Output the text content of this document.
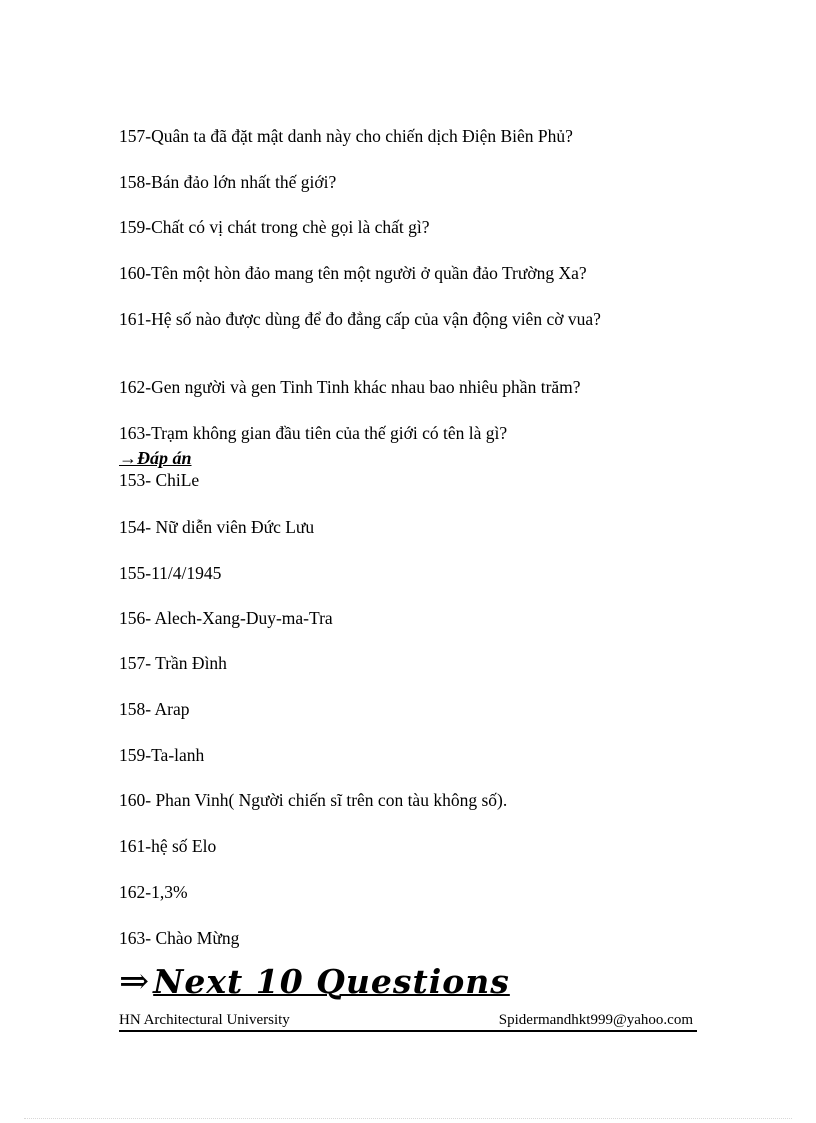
157-Quân ta đã đặt mật danh này cho chiến dịch Điện Biên Phủ?
158-Bán đảo lớn nhất thế giới?
159-Chất có vị chát trong chè gọi là chất gì?
160-Tên một hòn đảo mang tên một người ở quần đảo Trường Xa?
161-Hệ số nào được dùng để đo đẳng cấp của vận động viên cờ vua?
162-Gen người và gen Tinh Tinh khác nhau bao nhiêu phần trăm?
163-Trạm không gian đầu tiên của thế giới có tên là gì?
→Đáp án
153- ChiLe
154- Nữ diễn viên Đức Lưu
155-11/4/1945
156- Alech-Xang-Duy-ma-Tra
157- Trần Đình
158- Arap
159-Ta-lanh
160- Phan Vinh( Người chiến sĩ trên con tàu không số).
161-hệ số Elo
162-1,3%
163- Chào Mừng
⇒ Next 10 Questions
HN Architectural University	Spidermandhkt999@yahoo.com
